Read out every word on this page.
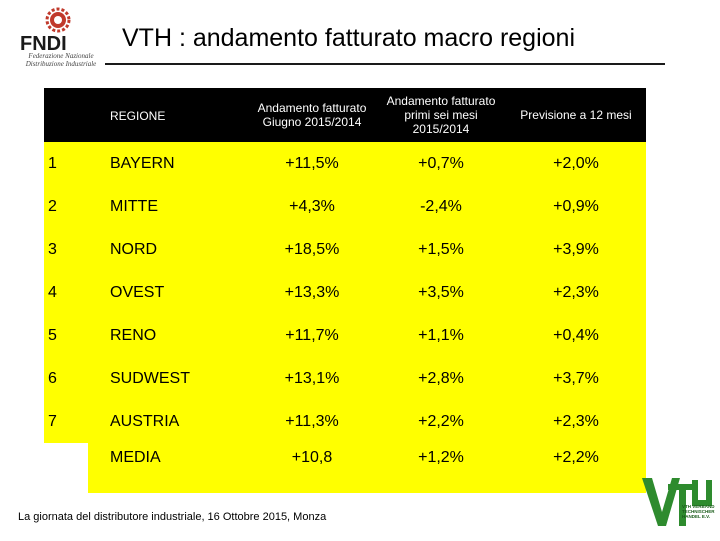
FNDI
Federazione Nazionale Distribuzione Industriale
VTH : andamento fatturato macro regioni
	REGIONE	Andamento fatturato Giugno 2015/2014	Andamento fatturato primi sei mesi 2015/2014	Previsione a 12 mesi
1	BAYERN	+11,5%	+0,7%	+2,0%
2	MITTE	+4,3%	-2,4%	+0,9%
3	NORD	+18,5%	+1,5%	+3,9%
4	OVEST	+13,3%	+3,5%	+2,3%
5	RENO	+11,7%	+1,1%	+0,4%
6	SUDWEST	+13,1%	+2,8%	+3,7%
7	AUSTRIA	+11,3%	+2,2%	+2,3%
	MEDIA	+10,8	+1,2%	+2,2%
La giornata del distributore industriale, 16 Ottobre 2015, Monza
VTH VERBAND TECHNISCHER HANDEL E.V.
